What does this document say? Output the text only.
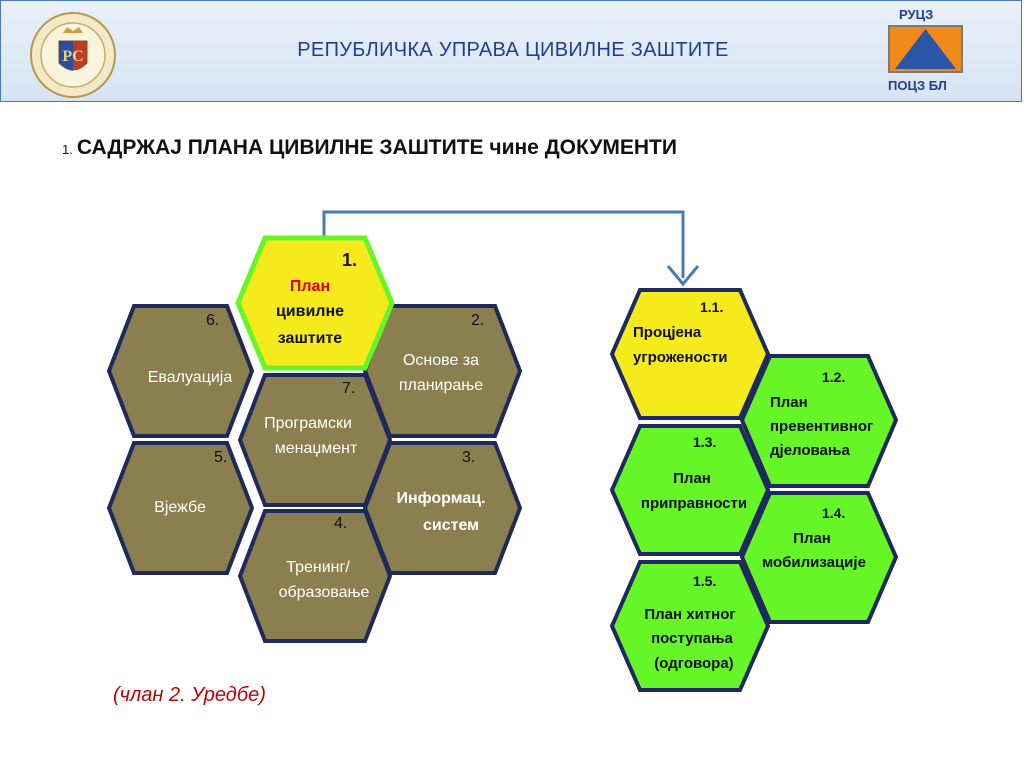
PC	РЕПУБЛИЧКА УПРАВА ЦИВИЛНЕ ЗАШТИТЕ
РУЦЗ
ПОЦЗ БЛ
1. САДРЖАЈ ПЛАНА ЦИВИЛНЕ ЗАШТИТЕ чине ДОКУМЕНТИ
1.
План
цивилне
заштите
2.
Основе за
планирање
3.
Информац.
систем
4.
Тренинг/
образовање
5.
Вјежбе
6.
Евалуација
7.
Програмски
менаџмент
1.1.
Процјена
угрожености
1.2.
План
превентивног
дјеловања
1.3.
План
приправности
1.4.
План
мобилизације
1.5.
План хитног
поступања
(одговора)
(члан 2. Уредбе)
